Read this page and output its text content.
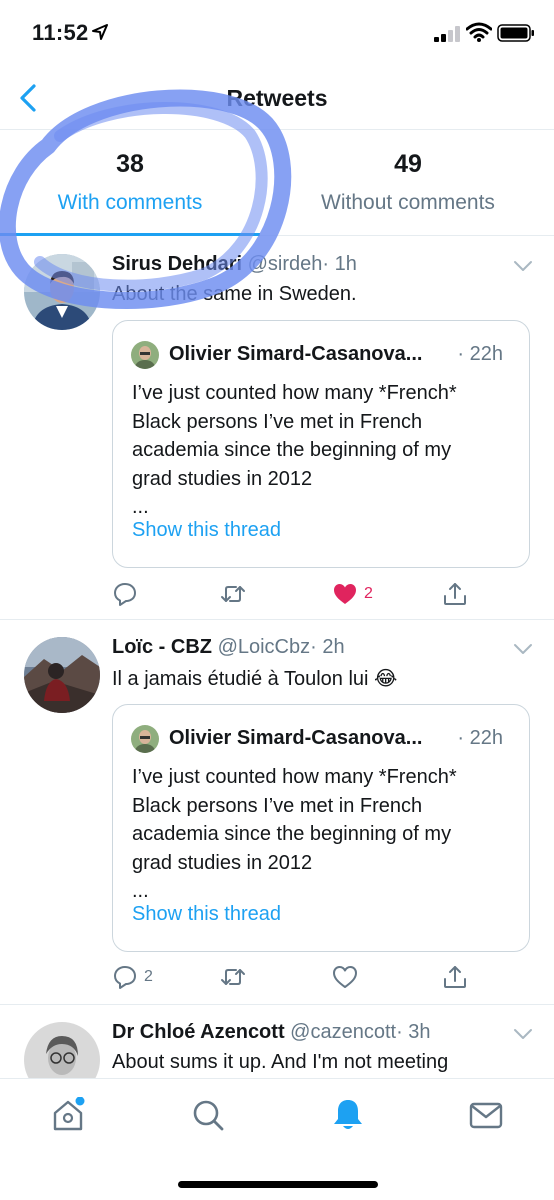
11:52
Retweets
38
With comments
49
Without comments
Sirus Dehdari @sirdeh· 1h
About the same in Sweden.
Olivier Simard-Casanova... · 22h
I’ve just counted how many *French*
Black persons I’ve met in French
academia since the beginning of my
grad studies in 2012
...
Show this thread
2
Loïc - CBZ @LoicCbz· 2h
Il a jamais étudié à Toulon lui 😂
Olivier Simard-Casanova... · 22h
I’ve just counted how many *French*
Black persons I’ve met in French
academia since the beginning of my
grad studies in 2012
...
Show this thread
2
Dr Chloé Azencott @cazencott· 3h
About sums it up. And I'm not meeting
